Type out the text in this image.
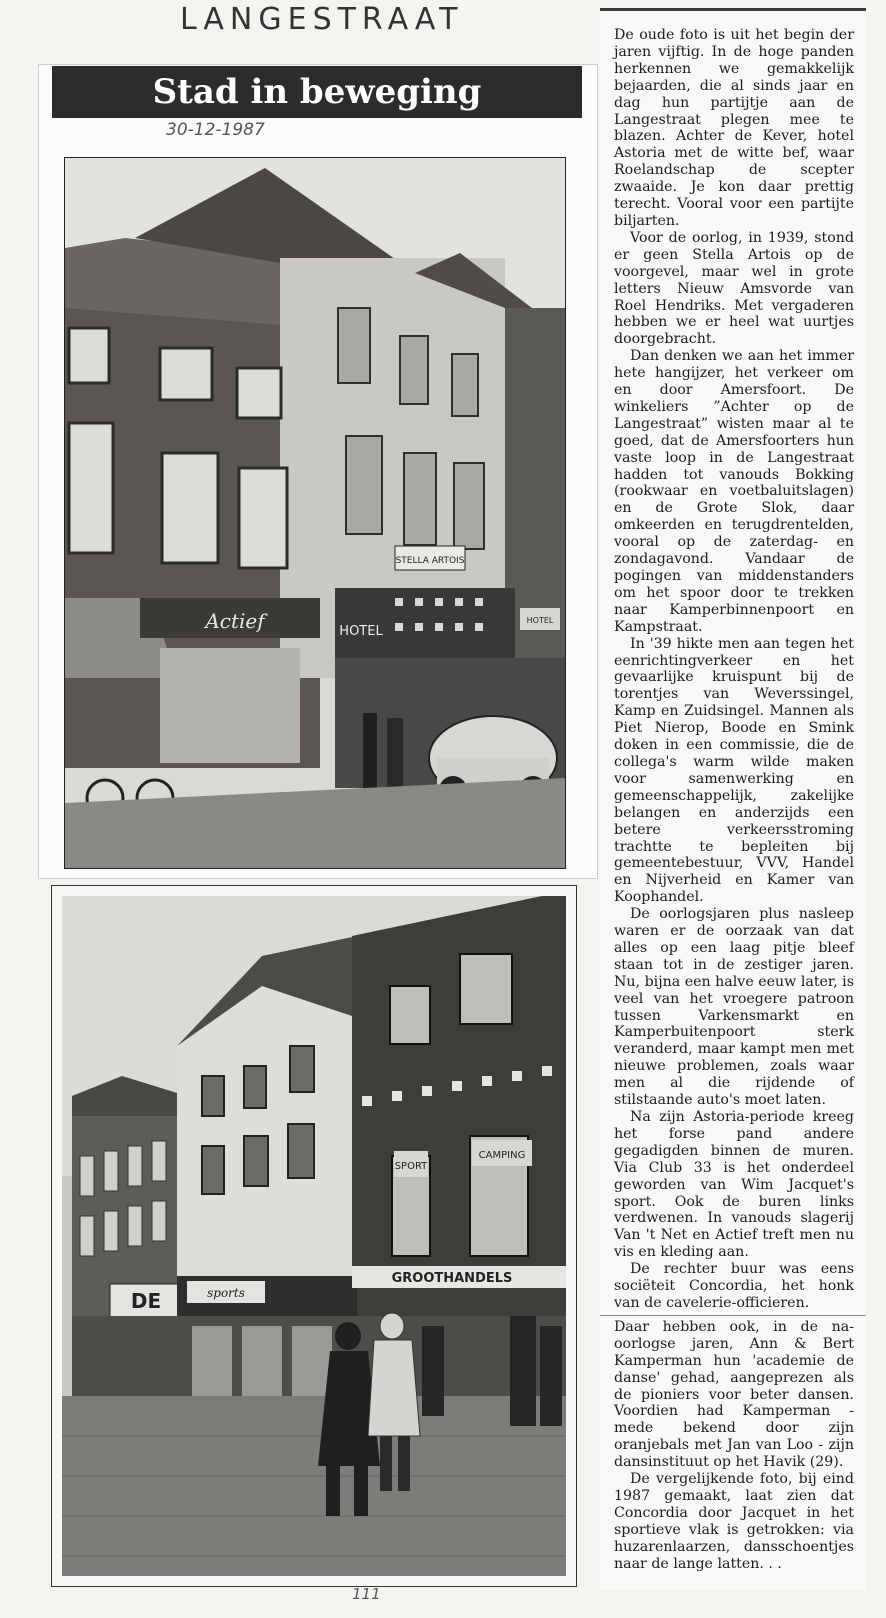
LANGESTRAAT
Stad in beweging
30-12-1987
Actief
STELLA ARTOIS
HOTEL
HOTEL
DE
SPORT
CAMPING
sports
GROOTHANDELS
111

De oude foto is uit het begin der jaren vijftig. In de hoge panden herkennen we gemakkelijk bejaarden, die al sinds jaar en dag hun partijtje aan de Langestraat plegen mee te blazen. Achter de Kever, hotel Astoria met de witte bef, waar Roelandschap de scepter zwaaide. Je kon daar prettig terecht. Vooral voor een partijte biljarten.

Voor de oorlog, in 1939, stond er geen Stella Artois op de voorgevel, maar wel in grote letters Nieuw Amsvorde van Roel Hendriks. Met vergaderen hebben we er heel wat uurtjes doorgebracht.

Dan denken we aan het immer hete hangijzer, het verkeer om en door Amersfoort. De winkeliers ”Achter op de Langestraat” wisten maar al te goed, dat de Amersfoorters hun vaste loop in de Langestraat hadden tot vanouds Bokking (rookwaar en voetbaluitslagen) en de Grote Slok, daar omkeerden en terugdrentelden, vooral op de zaterdag- en zondagavond. Vandaar de pogingen van middenstanders om het spoor door te trekken naar Kamperbinnenpoort en Kampstraat.

In '39 hikte men aan tegen het eenrichtingverkeer en het gevaarlijke kruispunt bij de torentjes van Weverssingel, Kamp en Zuidsingel. Mannen als Piet Nierop, Boode en Smink doken in een commissie, die de collega's warm wilde maken voor samenwerking en gemeenschappelijk, zakelijke belangen en anderzijds een betere verkeersstroming trachtte te bepleiten bij gemeentebestuur, VVV, Handel en Nijverheid en Kamer van Koophandel.

De oorlogsjaren plus nasleep waren er de oorzaak van dat alles op een laag pitje bleef staan tot in de zestiger jaren. Nu, bijna een halve eeuw later, is veel van het vroegere patroon tussen Varkensmarkt en Kamperbuitenpoort sterk veranderd, maar kampt men met nieuwe problemen, zoals waar men al die rijdende of stilstaande auto's moet laten.

Na zijn Astoria-periode kreeg het forse pand andere gegadigden binnen de muren. Via Club 33 is het onderdeel geworden van Wim Jacquet's sport. Ook de buren links verdwenen. In vanouds slagerij Van 't Net en Actief treft men nu vis en kleding aan.

De rechter buur was eens sociëteit Concordia, het honk van de cavelerie-officieren.

Daar hebben ook, in de na-oorlogse jaren, Ann & Bert Kamperman hun 'academie de danse' gehad, aangeprezen als de pioniers voor beter dansen. Voordien had Kamperman - mede bekend door zijn oranjebals met Jan van Loo - zijn dansinstituut op het Havik (29).

De vergelijkende foto, bij eind 1987 gemaakt, laat zien dat Concordia door Jacquet in het sportieve vlak is getrokken: via huzarenlaarzen, dansschoentjes naar de lange latten. . .
